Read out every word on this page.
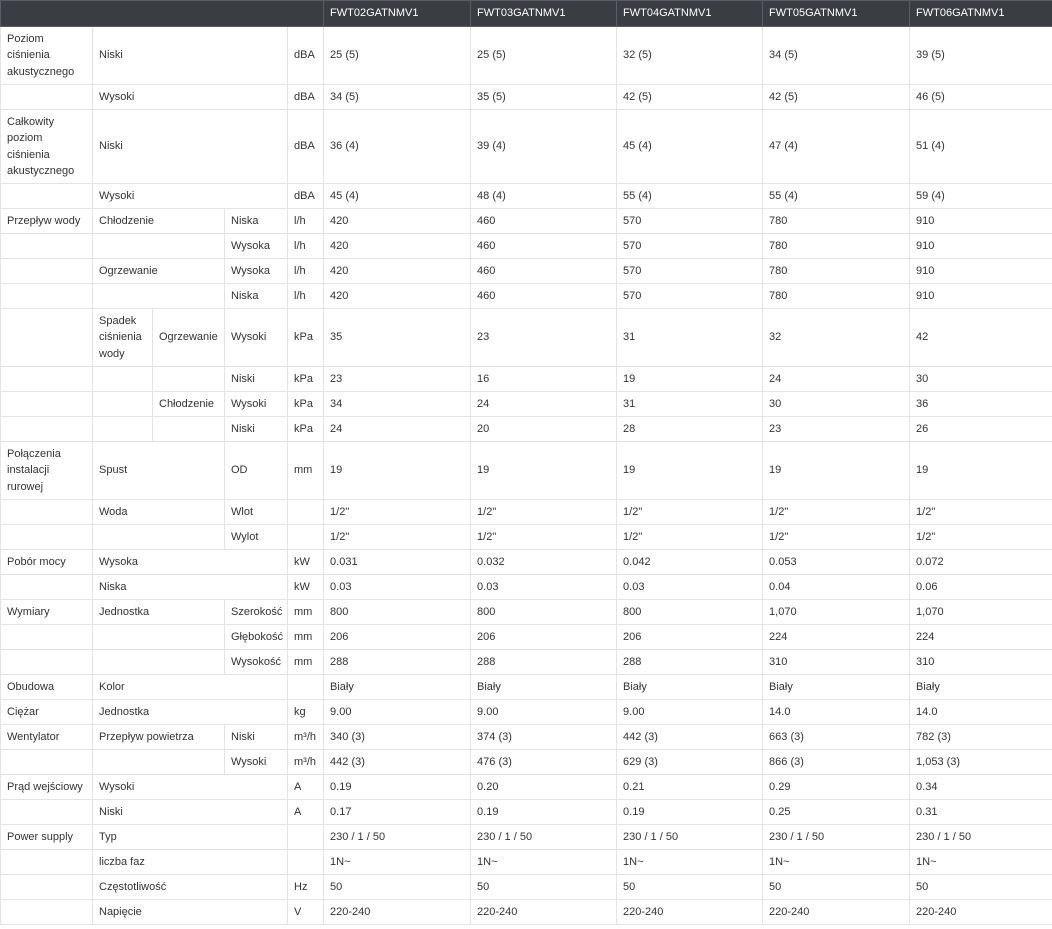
					FWT02GATNMV1	FWT03GATNMV1	FWT04GATNMV1	FWT05GATNMV1	FWT06GATNMV1
Poziom ciśnienia akustycznego	Niski			dBA	25 (5)	25 (5)	32 (5)	34 (5)	39 (5)
	Wysoki			dBA	34 (5)	35 (5)	42 (5)	42 (5)	46 (5)
Całkowity poziom ciśnienia akustycznego	Niski			dBA	36 (4)	39 (4)	45 (4)	47 (4)	51 (4)
	Wysoki			dBA	45 (4)	48 (4)	55 (4)	55 (4)	59 (4)
Przepływ wody	Chłodzenie		Niska	l/h	420	460	570	780	910
			Wysoka	l/h	420	460	570	780	910
	Ogrzewanie		Wysoka	l/h	420	460	570	780	910
			Niska	l/h	420	460	570	780	910
	Spadek ciśnienia wody	Ogrzewanie	Wysoki	kPa	35	23	31	32	42
			Niski	kPa	23	16	19	24	30
		Chłodzenie	Wysoki	kPa	34	24	31	30	36
			Niski	kPa	24	20	28	23	26
Połączenia instalacji rurowej	Spust		OD	mm	19	19	19	19	19
	Woda		Wlot		1/2"	1/2"	1/2"	1/2"	1/2"
			Wylot		1/2"	1/2"	1/2"	1/2"	1/2"
Pobór mocy	Wysoka			kW	0.031	0.032	0.042	0.053	0.072
	Niska			kW	0.03	0.03	0.03	0.04	0.06
Wymiary	Jednostka		Szerokość	mm	800	800	800	1,070	1,070
			Głębokość	mm	206	206	206	224	224
			Wysokość	mm	288	288	288	310	310
Obudowa	Kolor				Biały	Biały	Biały	Biały	Biały
Ciężar	Jednostka			kg	9.00	9.00	9.00	14.0	14.0
Wentylator	Przepływ powietrza		Niski	m³/h	340 (3)	374 (3)	442 (3)	663 (3)	782 (3)
			Wysoki	m³/h	442 (3)	476 (3)	629 (3)	866 (3)	1,053 (3)
Prąd wejściowy	Wysoki			A	0.19	0.20	0.21	0.29	0.34
	Niski			A	0.17	0.19	0.19	0.25	0.31
Power supply	Typ				230 / 1 / 50	230 / 1 / 50	230 / 1 / 50	230 / 1 / 50	230 / 1 / 50
	liczba faz				1N~	1N~	1N~	1N~	1N~
	Częstotliwość			Hz	50	50	50	50	50
	Napięcie			V	220-240	220-240	220-240	220-240	220-240
